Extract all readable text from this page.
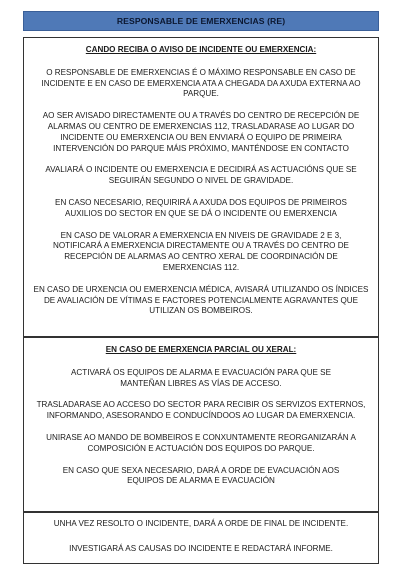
RESPONSABLE DE EMERXENCIAS (RE)

CANDO RECIBA O AVISO DE INCIDENTE OU EMERXENCIA:

O RESPONSABLE DE EMERXENCIAS É O MÁXIMO RESPONSABLE EN CASO DE INCIDENTE E EN CASO DE EMERXENCIA ATA A CHEGADA DA AXUDA EXTERNA AO PARQUE.

AO SER AVISADO DIRECTAMENTE OU A TRAVÉS DO CENTRO DE RECEPCIÓN DE ALARMAS OU CENTRO DE EMERXENCIAS 112, TRASLADARASE AO LUGAR DO INCIDENTE OU EMERXENCIA OU BEN ENVIARÁ O EQUIPO DE PRIMEIRA INTERVENCIÓN DO PARQUE MÁIS PRÓXIMO, MANTÉNDOSE EN CONTACTO

AVALIARÁ O INCIDENTE OU EMERXENCIA E DECIDIRÁ AS ACTUACIÓNS QUE SE SEGUIRÁN SEGUNDO O NIVEL DE GRAVIDADE.

EN CASO NECESARIO, REQUIRIRÁ A AXUDA DOS EQUIPOS DE PRIMEIROS AUXILIOS DO SECTOR EN QUE SE DÁ O INCIDENTE OU EMERXENCIA

EN CASO DE VALORAR A EMERXENCIA EN NIVEIS DE GRAVIDADE 2 E 3, NOTIFICARÁ A EMERXENCIA DIRECTAMENTE OU A TRAVÉS DO CENTRO DE RECEPCIÓN DE ALARMAS AO CENTRO XERAL DE COORDINACIÓN DE EMERXENCIAS 112.

EN CASO DE URXENCIA OU EMERXENCIA MÉDICA, AVISARÁ UTILIZANDO OS ÍNDICES DE AVALIACIÓN DE VÍTIMAS E FACTORES POTENCIALMENTE AGRAVANTES QUE UTILIZAN OS BOMBEIROS.

EN CASO DE EMERXENCIA PARCIAL OU XERAL:

ACTIVARÁ OS EQUIPOS DE ALARMA E EVACUACIÓN PARA QUE SE MANTEÑAN LIBRES AS VÍAS DE ACCESO.

TRASLADARASE AO ACCESO DO SECTOR PARA RECIBIR OS SERVIZOS EXTERNOS, INFORMANDO, ASESORANDO E CONDUCÍNDOOS AO LUGAR DA EMERXENCIA.

UNIRASE AO MANDO DE BOMBEIROS E CONXUNTAMENTE REORGANIZARÁN A COMPOSICIÓN E ACTUACIÓN DOS EQUIPOS DO PARQUE.

EN CASO QUE SEXA NECESARIO, DARÁ A ORDE DE EVACUACIÓN AOS EQUIPOS DE ALARMA E EVACUACIÓN

UNHA VEZ RESOLTO O INCIDENTE, DARÁ A ORDE DE FINAL DE INCIDENTE.

INVESTIGARÁ AS CAUSAS DO INCIDENTE E REDACTARÁ INFORME.
